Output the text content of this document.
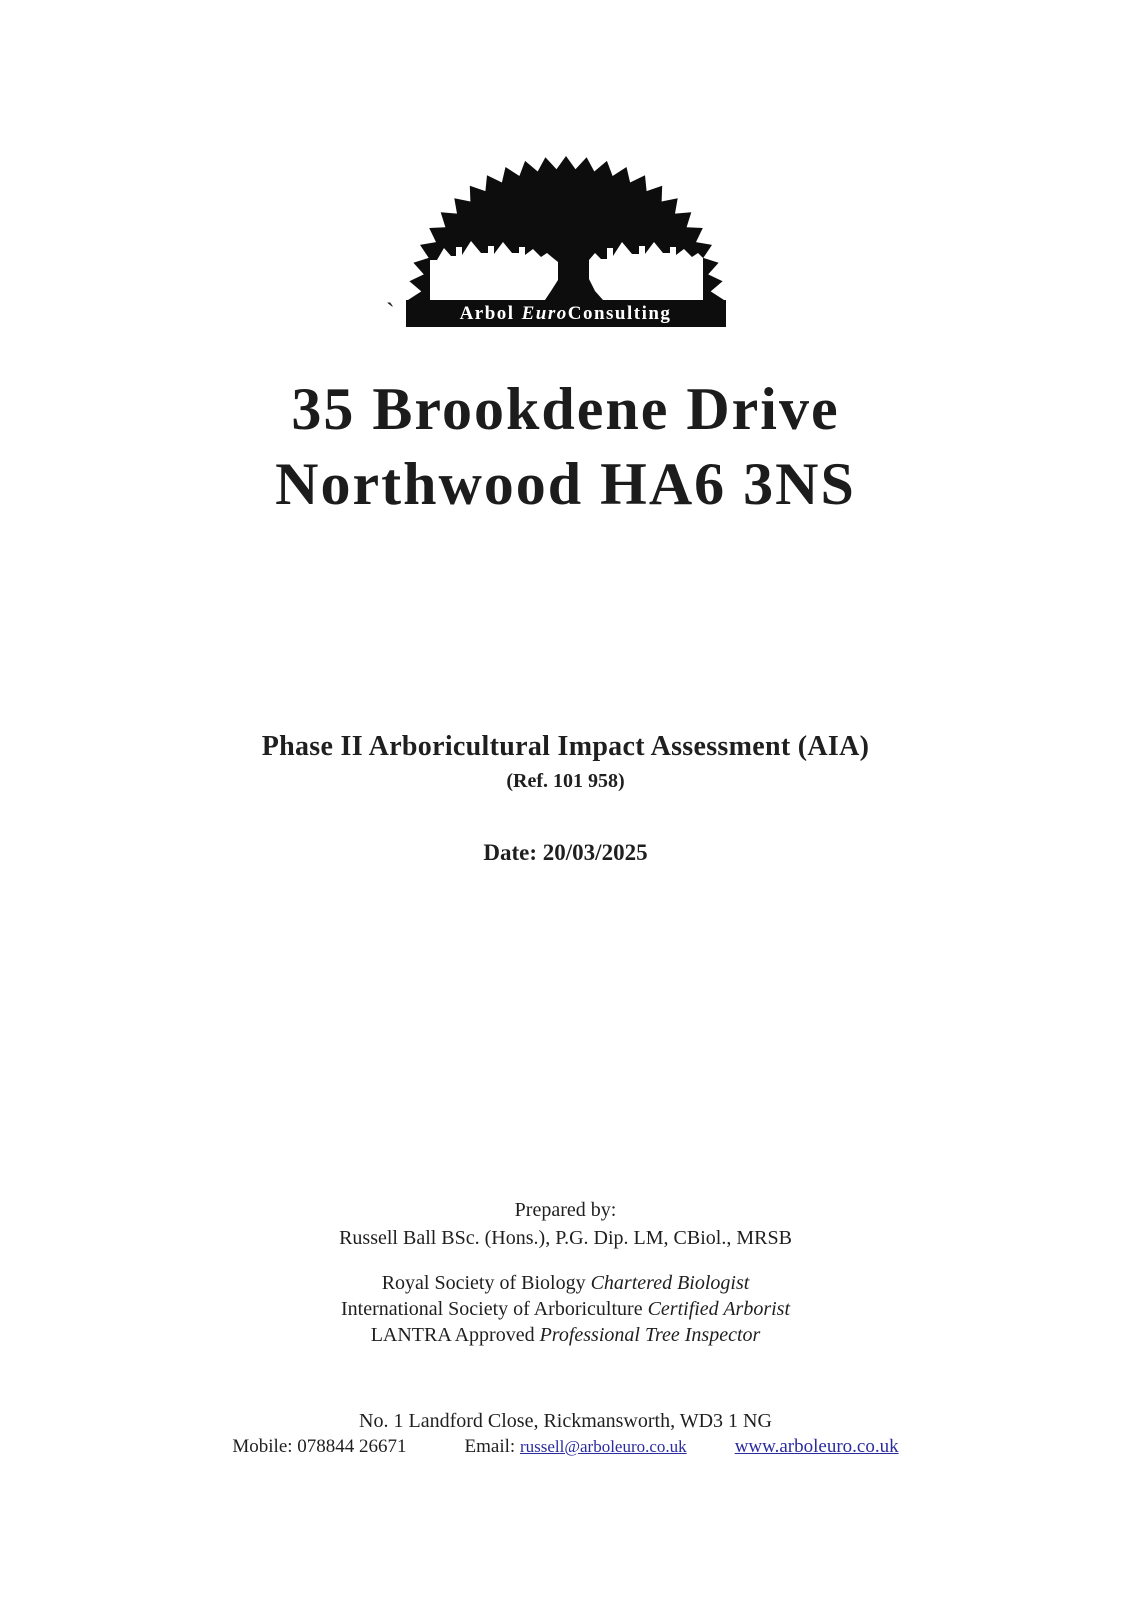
`	Arbol Euro Consulting
35 Brookdene Drive
Northwood HA6 3NS
Phase II Arboricultural Impact Assessment (AIA)
(Ref. 101 958)
Date: 20/03/2025
Prepared by:
Russell Ball BSc. (Hons.), P.G. Dip. LM, CBiol., MRSB
Royal Society of Biology Chartered Biologist
International Society of Arboriculture Certified Arborist
LANTRA Approved Professional Tree Inspector
No. 1 Landford Close, Rickmansworth, WD3 1 NG
Mobile: 078844 26671	Email: russell@arboleuro.co.uk	www.arboleuro.co.uk
